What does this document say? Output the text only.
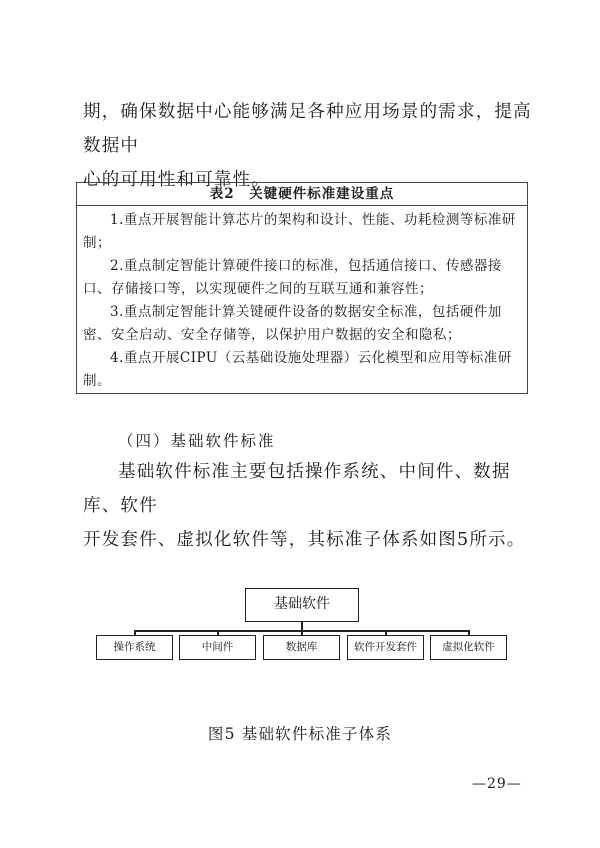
期，确保数据中心能够满足各种应用场景的需求，提高数据中
心的可用性和可靠性。
表2　关键硬件标准建设重点

1.重点开展智能计算芯片的架构和设计、性能、功耗检测等标准研制；

2.重点制定智能计算硬件接口的标准，包括通信接口、传感器接口、存储接口等，以实现硬件之间的互联互通和兼容性；

3.重点制定智能计算关键硬件设备的数据安全标准，包括硬件加密、安全启动、安全存储等，以保护用户数据的安全和隐私；

4.重点开展CIPU（云基础设施处理器）云化模型和应用等标准研制。

（四）基础软件标准
基础软件标准主要包括操作系统、中间件、数据库、软件
开发套件、虚拟化软件等，其标准子体系如图5所示。
基础软件
操作系统	中间件	数据库	软件开发套件	虚拟化软件
图5 基础软件标准子体系
—29—
